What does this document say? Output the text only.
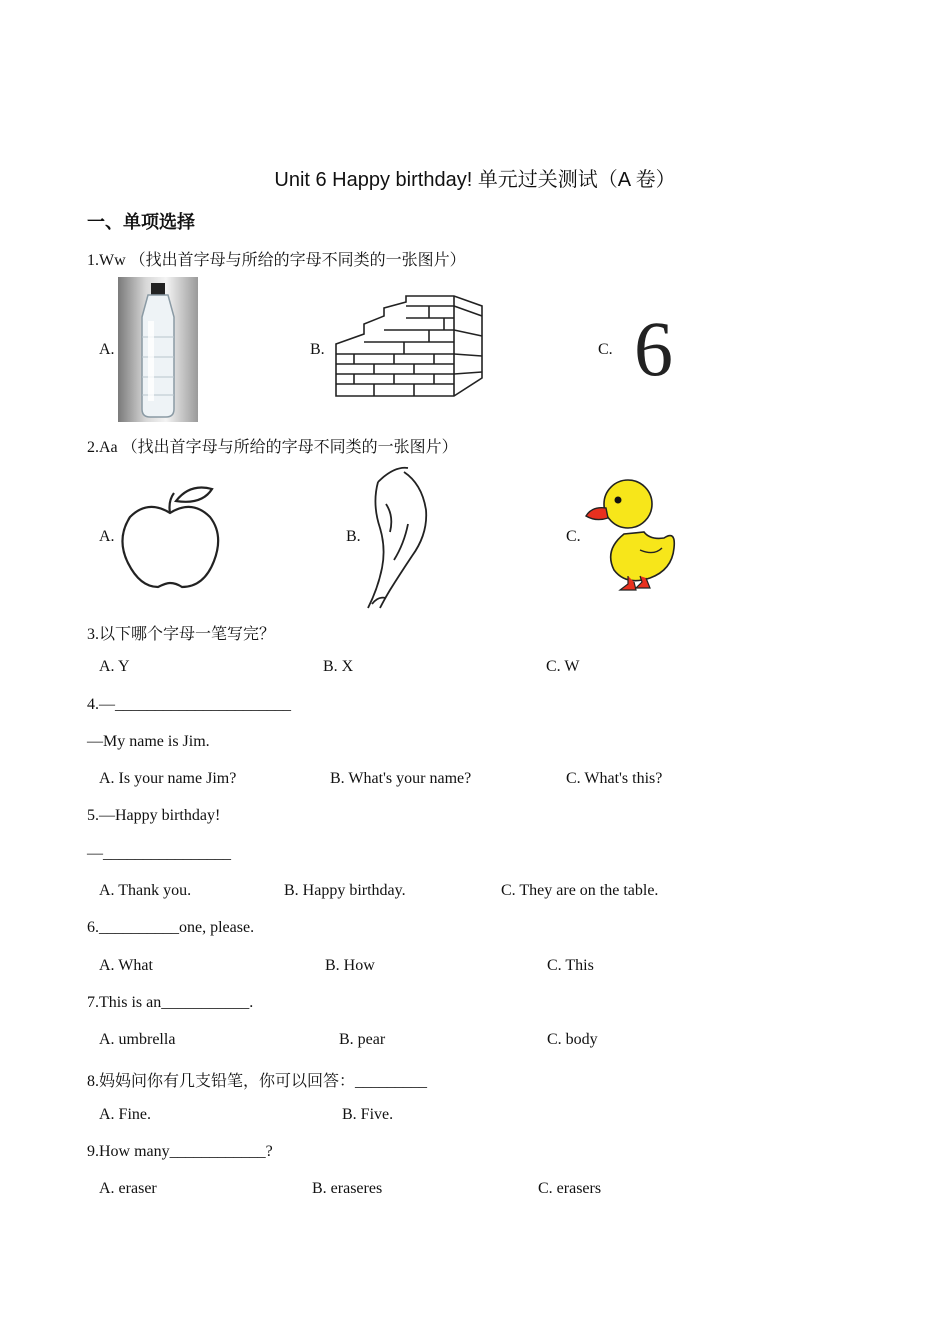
Unit 6 Happy birthday! 单元过关测试（A 卷）
一、单项选择
1.Ww （找出首字母与所给的字母不同类的一张图片）
A.	B.	C. 6
2.Aa （找出首字母与所给的字母不同类的一张图片）
A.	B.	C.
3.以下哪个字母一笔写完？
A. Y	B. X	C. W
4.—______________________
—My name is Jim.
A. Is your name Jim?	B. What's your name?	C. What's this?
5.—Happy birthday!
—________________
A. Thank you.	B. Happy birthday.	C. They are on the table.
6.__________one, please.
A. What	B. How	C. This
7.This is an___________.
A. umbrella	B. pear	C. body
8.妈妈问你有几支铅笔，你可以回答：_________
A. Fine.	B. Five.
9.How many____________?
A. eraser	B. eraseres	C. erasers
